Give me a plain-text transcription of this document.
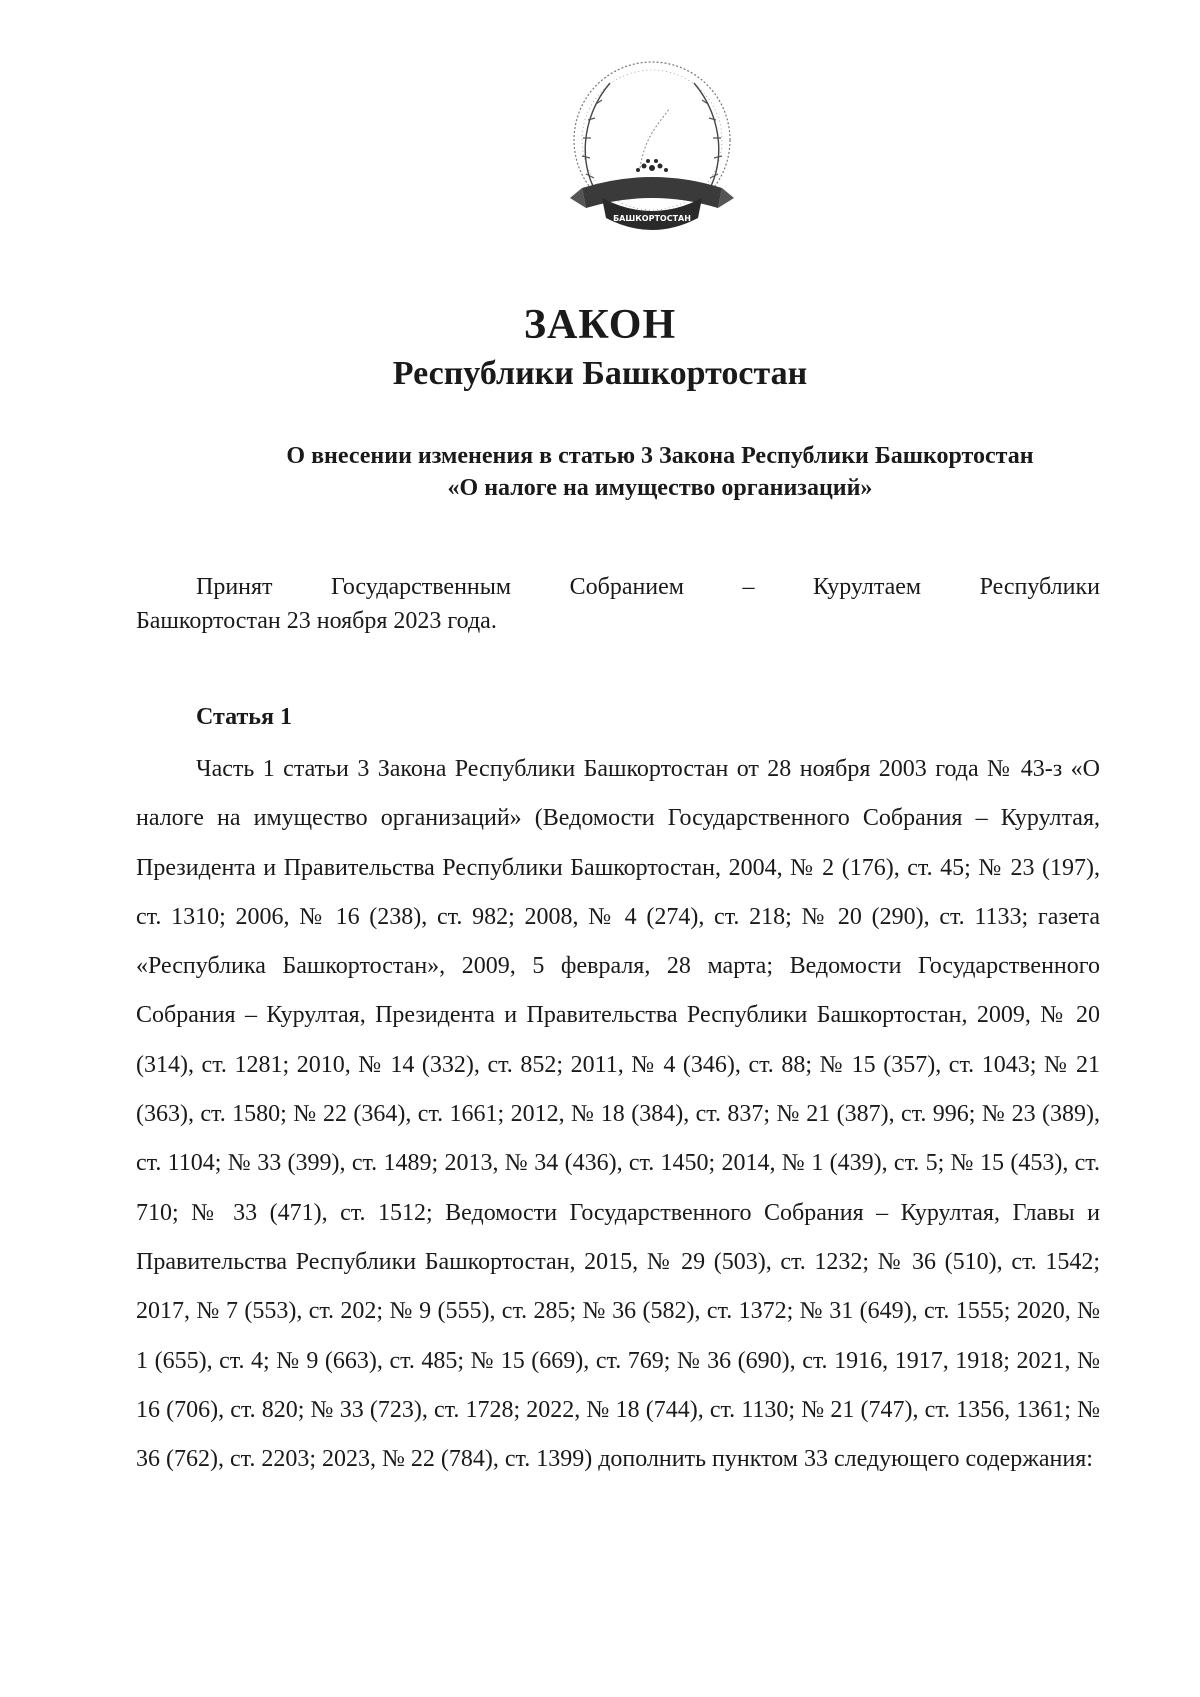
БАШКОРТОСТАН

ЗАКОН

Республики Башкортостан

О внесении изменения в статью 3 Закона Республики Башкортостан
«О налоге на имущество организаций»
Принят Государственным Собранием – Курултаем Республики
Башкортостан 23 ноября 2023 года.
Статья 1

Часть 1 статьи 3 Закона Республики Башкортостан от 28 ноября 2003 года № 43-з «О налоге на имущество организаций» (Ведомости Государственного Собрания – Курултая, Президента и Правительства Республики Башкортостан, 2004, № 2 (176), ст. 45; № 23 (197), ст. 1310; 2006, № 16 (238), ст. 982; 2008, № 4 (274), ст. 218; № 20 (290), ст. 1133; газета «Республика Башкортостан», 2009, 5 февраля, 28 марта; Ведомости Государственного Собрания – Курултая, Президента и Правительства Республики Башкортостан, 2009, № 20 (314), ст. 1281; 2010, № 14 (332), ст. 852; 2011, № 4 (346), ст. 88; № 15 (357), ст. 1043; № 21 (363), ст. 1580; № 22 (364), ст. 1661; 2012, № 18 (384), ст. 837; № 21 (387), ст. 996; № 23 (389), ст. 1104; № 33 (399), ст. 1489; 2013, № 34 (436), ст. 1450; 2014, № 1 (439), ст. 5; № 15 (453), ст. 710; № 33 (471), ст. 1512; Ведомости Государственного Собрания – Курултая, Главы и Правительства Республики Башкортостан, 2015, № 29 (503), ст. 1232; № 36 (510), ст. 1542; 2017, № 7 (553), ст. 202; № 9 (555), ст. 285; № 36 (582), ст. 1372; № 31 (649), ст. 1555; 2020, № 1 (655), ст. 4; № 9 (663), ст. 485; № 15 (669), ст. 769; № 36 (690), ст. 1916, 1917, 1918; 2021, № 16 (706), ст. 820; № 33 (723), ст. 1728; 2022, № 18 (744), ст. 1130; № 21 (747), ст. 1356, 1361; № 36 (762), ст. 2203; 2023, № 22 (784), ст. 1399) дополнить пунктом 33 следующего содержания:
